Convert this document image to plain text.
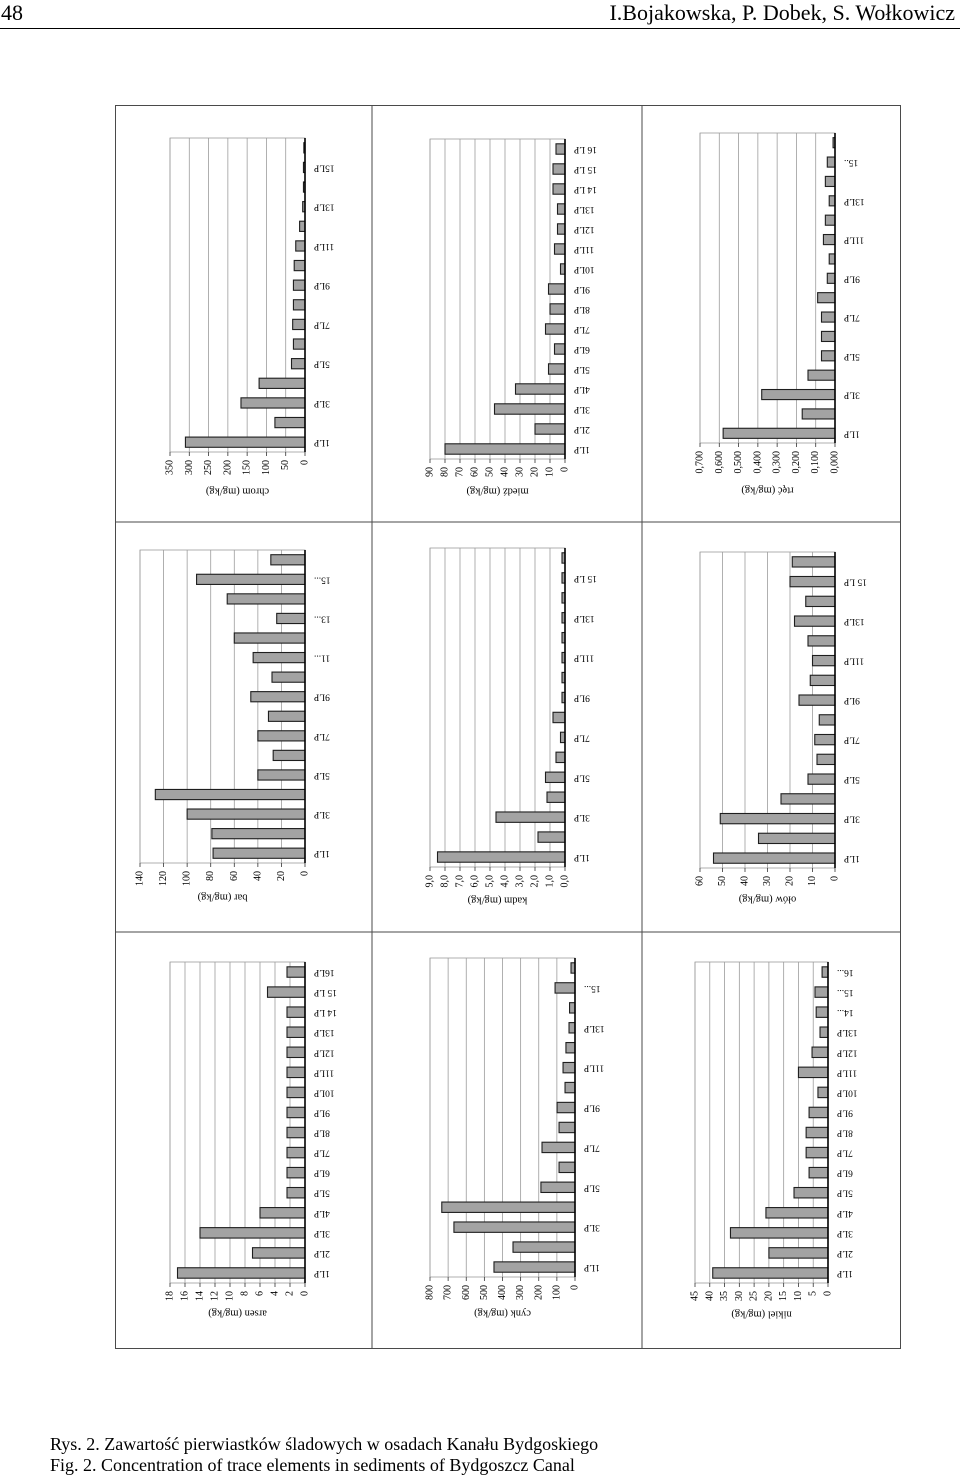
48	I.Bojakowska, P. Dobek, S. Wołkowicz
350 300 250 200 150 100 50 0
1LP
3LP
5LP
7LP
9LP
11LP
13LP
15LP
chrom (mg/kg)
90 80 70 60 50 40 30 20 10 0
1LP
2LP
3LP
4LP
5LP
6LP
7LP
8LP
9LP
10LP
11LP
12LP
13LP
14 LP
15 LP
16 LP
miedź (mg/kg)
0,700 0,600 0,500 0,400 0,300 0,200 0,100 0,000
1LP
3LP
5LP
7LP
9LP
11LP
13LP
15..
rtęć (mg/kg)
140 120 100 80 60 40 20 0
1LP
3LP
5LP
7LP
9LP
11...
13...
15...
bar (mg/kg)
9,0 8,0 7,0 6,0 5,0 4,0 3,0 2,0 1,0 0,0
1LP
3LP
5LP
7LP
9LP
11LP
13LP
15 LP
kadm (mg/kg)
60 50 40 30 20 10 0
1LP
3LP
5LP
7LP
9LP
11LP
13LP
15 LP
ołów (mg/kg)
18 16 14 12 10 8 6 4 2 0
1LP
2LP
3LP
4LP
5LP
6LP
7LP
8LP
9LP
10LP
11LP
12LP
13LP
14 LP
15 LP
16LP
arsen (mg/kg)
800 700 600 500 400 300 200 100 0
1LP
3LP
5LP
7LP
9LP
11LP
13LP
15...
cynk (mg/kg)
45 40 35 30 25 20 15 10 5 0
1LP
2LP
3LP
4LP
5LP
6LP
7LP
8LP
9LP
10LP
11LP
12LP
13LP
14...
15...
16...
nikiel (mg/kg)
Rys. 2. Zawartość pierwiastków śladowych w osadach Kanału Bydgoskiego
Fig. 2. Concentration of trace elements in sediments of Bydgoszcz Canal
